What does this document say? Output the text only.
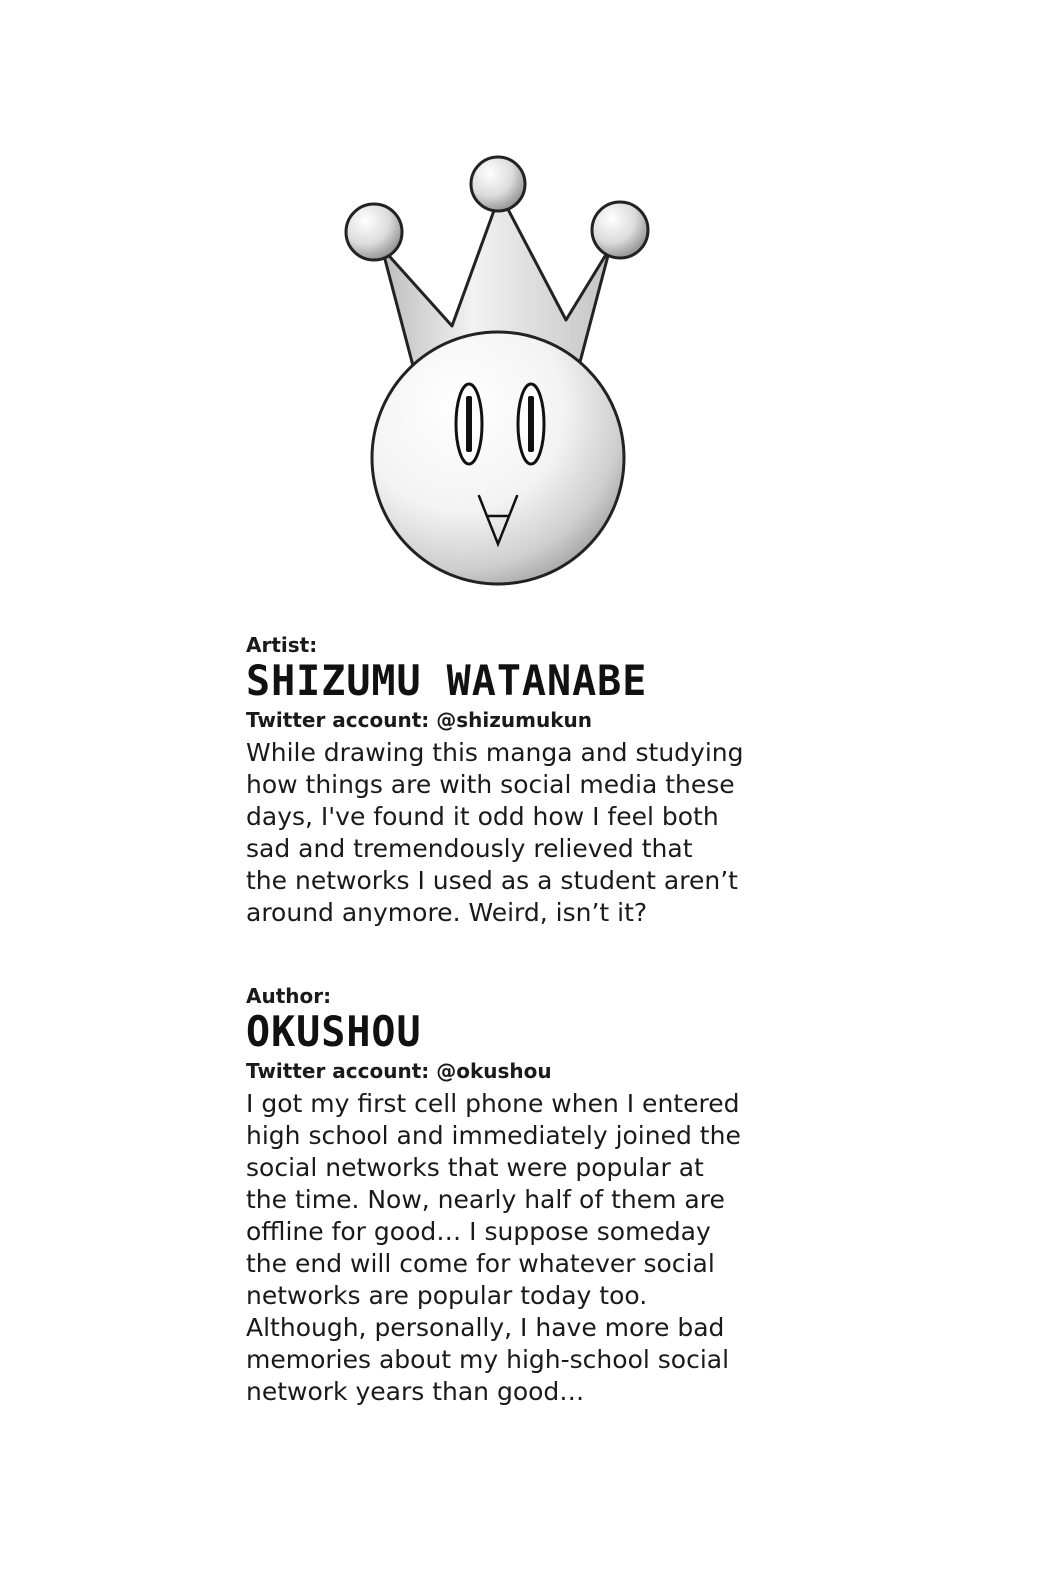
Artist:

SHIZUMU WATANABE

Twitter account: @shizumukun

While drawing this manga and studying
how things are with social media these
days, I've found it odd how I feel both
sad and tremendously relieved that
the networks I used as a student aren’t
around anymore. Weird, isn’t it?

Author:

OKUSHOU

Twitter account: @okushou

I got my first cell phone when I entered
high school and immediately joined the
social networks that were popular at
the time. Now, nearly half of them are
offline for good… I suppose someday
the end will come for whatever social
networks are popular today too.
Although, personally, I have more bad
memories about my high-school social
network years than good…
